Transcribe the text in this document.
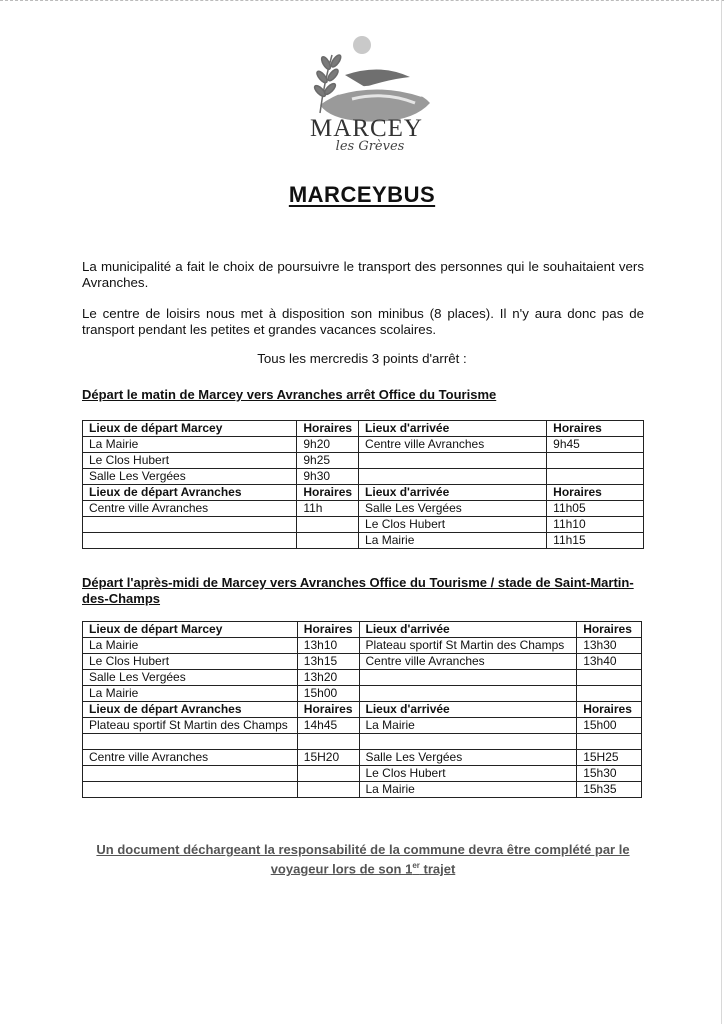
MARCEY
les Grèves
MARCEYBUS
La municipalité a fait le choix de poursuivre le transport des personnes qui le souhaitaient vers Avranches.
Le centre de loisirs nous met à disposition son minibus (8 places). Il n'y aura donc pas de transport pendant les petites et grandes vacances scolaires.
Tous les mercredis 3 points d'arrêt :
Départ le matin de Marcey vers Avranches arrêt Office du Tourisme
Lieux de départ Marcey	Horaires	Lieux d'arrivée	Horaires
La Mairie	9h20	Centre ville Avranches	9h45
Le Clos Hubert	9h25		
Salle Les Vergées	9h30		
Lieux de départ Avranches	Horaires	Lieux d'arrivée	Horaires
Centre ville Avranches	11h	Salle Les Vergées	11h05
		Le Clos Hubert	11h10
		La Mairie	11h15
Départ l'après-midi de Marcey vers Avranches Office du Tourisme / stade de Saint-Martin-des-Champs
Lieux de départ Marcey	Horaires	Lieux d'arrivée	Horaires
La Mairie	13h10	Plateau sportif St Martin des Champs	13h30
Le Clos Hubert	13h15	Centre ville Avranches	13h40
Salle Les Vergées	13h20		
La Mairie	15h00		
Lieux de départ Avranches	Horaires	Lieux d'arrivée	Horaires
Plateau sportif St Martin des Champs	14h45	La Mairie	15h00

Centre ville Avranches	15H20	Salle Les Vergées	15H25
		Le Clos Hubert	15h30
		La Mairie	15h35
Un document déchargeant la responsabilité de la commune devra être complété par le
voyageur lors de son 1er trajet
